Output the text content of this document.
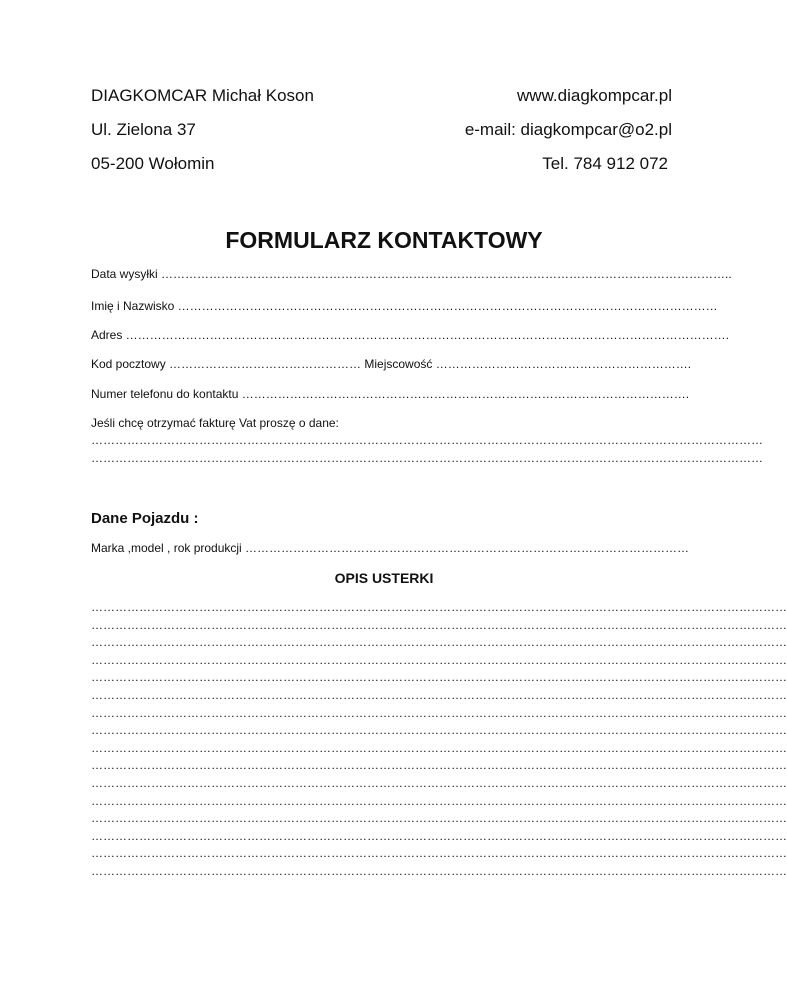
DIAGKOMCAR Michał Koson
Ul. Zielona 37
05-200 Wołomin
www.diagkompcar.pl
e-mail: diagkompcar@o2.pl
Tel. 784 912 072
FORMULARZ KONTAKTOWY
Data wysyłki ……………………………………………………………………………………………………………………………..
Imię i Nazwisko ………………………………………………………………………………………………………………………
Adres …………………………………………………………………………………………………………………………………….
Kod pocztowy ………………………………………… Miejscowość ……………………………………………………….
Numer telefonu do kontaktu ………………………………………………………………………………………………….
Jeśli chcę otrzymać fakturę Vat proszę o dane:
……………………………………………………………………………………………………………………………………………………
……………………………………………………………………………………………………………………………………………………
Dane Pojazdu :
Marka ,model , rok produkcji …………………………………………………………………………………………………
OPIS USTERKI
…………………………………………………………………………………………………………………………………………………………
…………………………………………………………………………………………………………………………………………………………
…………………………………………………………………………………………………………………………………………………………
…………………………………………………………………………………………………………………………………………………………
…………………………………………………………………………………………………………………………………………………………
…………………………………………………………………………………………………………………………………………………………
…………………………………………………………………………………………………………………………………………………………
…………………………………………………………………………………………………………………………………………………………
…………………………………………………………………………………………………………………………………………………………
…………………………………………………………………………………………………………………………………………………………
…………………………………………………………………………………………………………………………………………………………
…………………………………………………………………………………………………………………………………………………………
…………………………………………………………………………………………………………………………………………………………
…………………………………………………………………………………………………………………………………………………………
…………………………………………………………………………………………………………………………………………………………
…………………………………………………………………………………………………………………………………………………………
